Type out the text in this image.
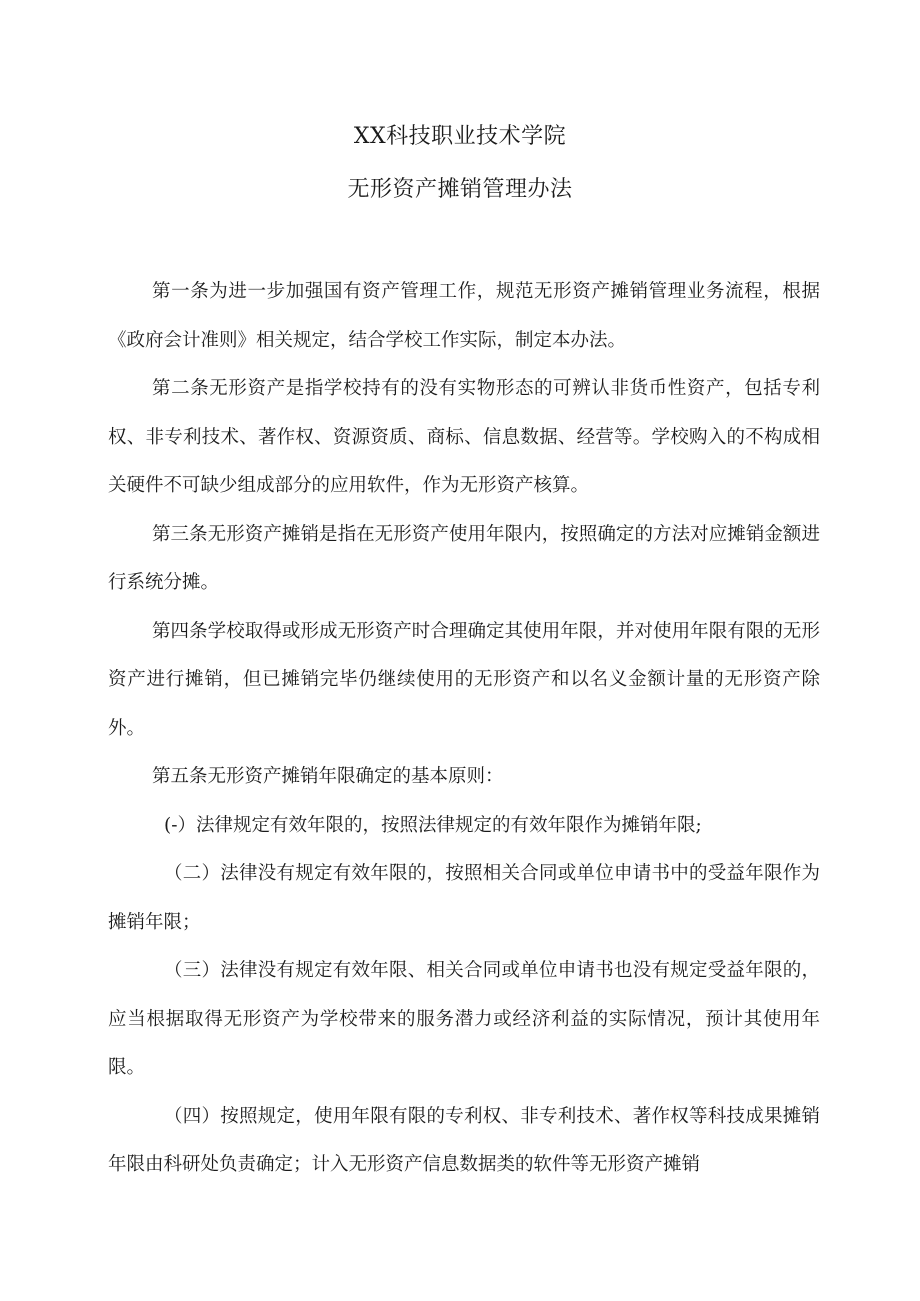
XX科技职业技术学院
无形资产摊销管理办法

第一条为进一步加强国有资产管理工作，规范无形资产摊销管理业务流程，根据《政府会计准则》相关规定，结合学校工作实际，制定本办法。

第二条无形资产是指学校持有的没有实物形态的可辨认非货币性资产，包括专利权、非专利技术、著作权、资源资质、商标、信息数据、经营等。学校购入的不构成相关硬件不可缺少组成部分的应用软件，作为无形资产核算。

第三条无形资产摊销是指在无形资产使用年限内，按照确定的方法对应摊销金额进行系统分摊。

第四条学校取得或形成无形资产时合理确定其使用年限，并对使用年限有限的无形资产进行摊销，但已摊销完毕仍继续使用的无形资产和以名义金额计量的无形资产除外。

第五条无形资产摊销年限确定的基本原则：

(-）法律规定有效年限的，按照法律规定的有效年限作为摊销年限;

（二）法律没有规定有效年限的，按照相关合同或单位申请书中的受益年限作为摊销年限；

（三）法律没有规定有效年限、相关合同或单位申请书也没有规定受益年限的，应当根据取得无形资产为学校带来的服务潜力或经济利益的实际情况，预计其使用年限。

（四）按照规定，使用年限有限的专利权、非专利技术、著作权等科技成果摊销年限由科研处负责确定；计入无形资产信息数据类的软件等无形资产摊销
